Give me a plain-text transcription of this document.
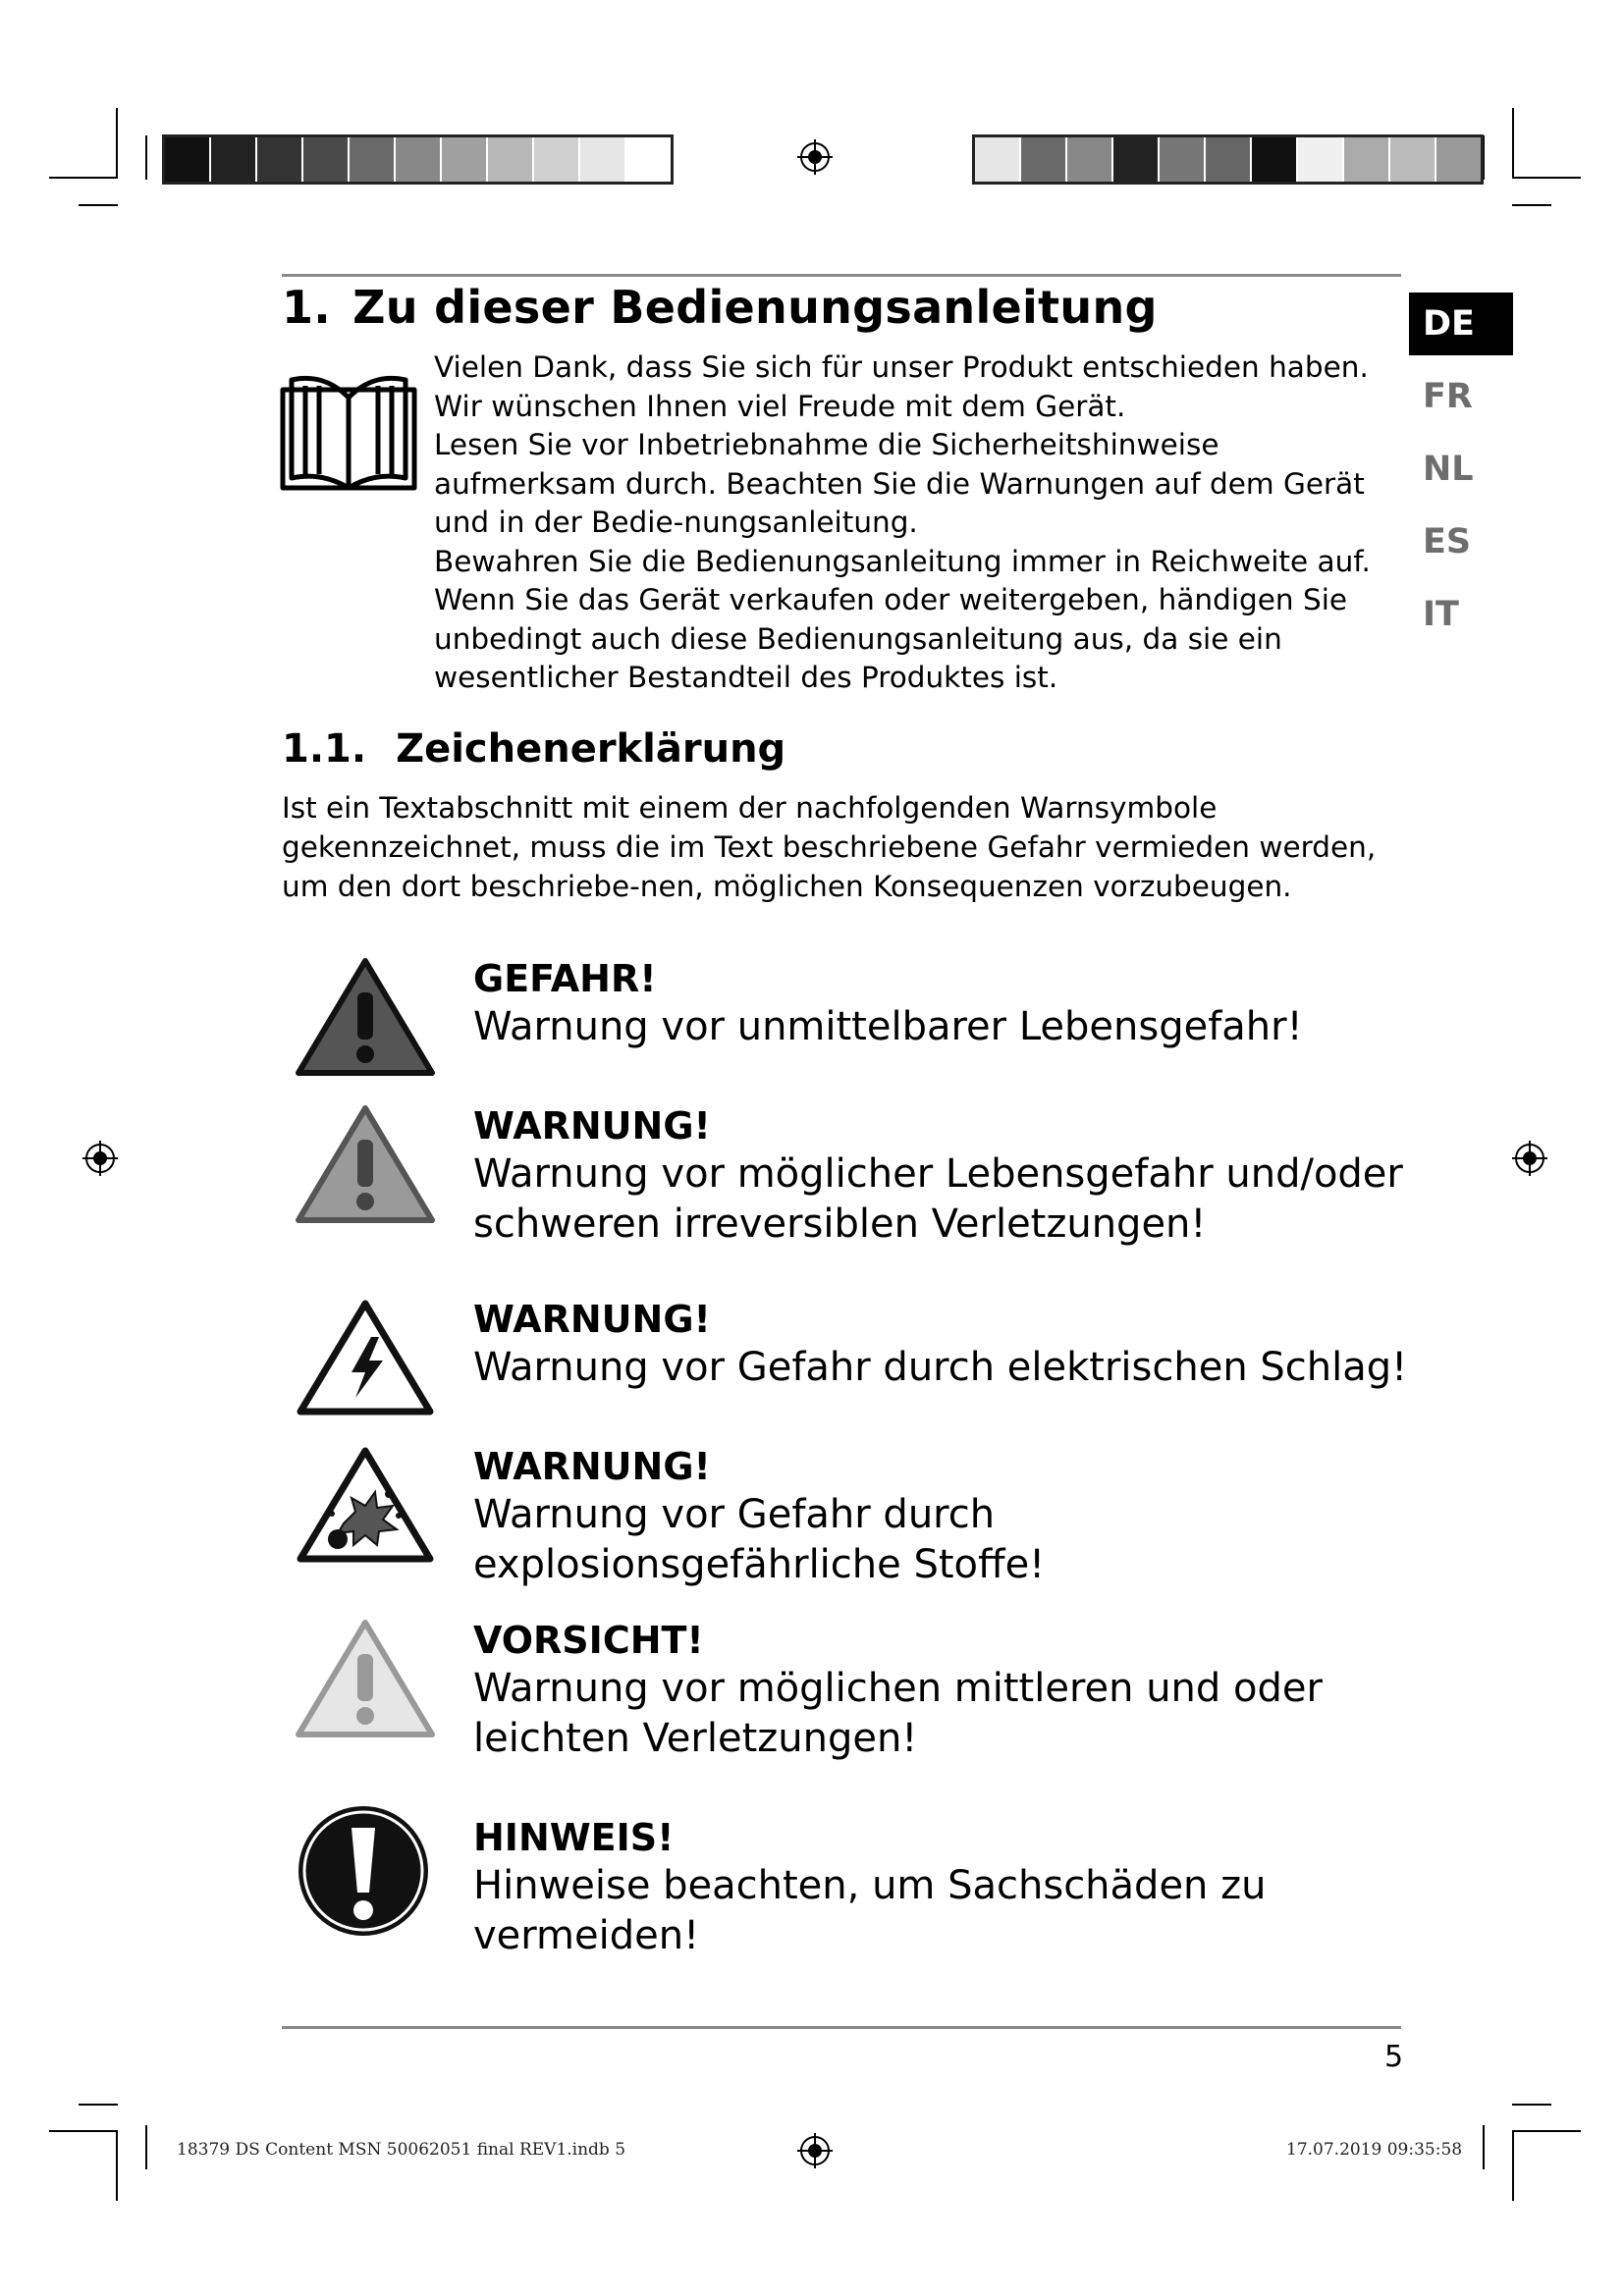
1. Zu dieser Bedienungsanleitung

Vielen Dank, dass Sie sich für unser Produkt entschieden haben. Wir wünschen Ihnen viel Freude mit dem Gerät.

Lesen Sie vor Inbetriebnahme die Sicherheitshinweise aufmerksam durch. Beachten Sie die Warnungen auf dem Gerät und in der Bedie-nungsanleitung.

Bewahren Sie die Bedienungsanleitung immer in Reichweite auf. Wenn Sie das Gerät verkaufen oder weitergeben, händigen Sie unbedingt auch diese Bedienungsanleitung aus, da sie ein wesentlicher Bestandteil des Produktes ist.

DE
FR
NL
ES
IT
1.1. Zeichenerklärung

Ist ein Textabschnitt mit einem der nachfolgenden Warnsymbole gekennzeichnet, muss die im Text beschriebene Gefahr vermieden werden, um den dort beschriebe-nen, möglichen Konsequenzen vorzubeugen.

GEFAHR!
Warnung vor unmittelbarer Lebensgefahr!
WARNUNG!
Warnung vor möglicher Lebensgefahr und/oder schweren irreversiblen Verletzungen!
WARNUNG!
Warnung vor Gefahr durch elektrischen Schlag!
WARNUNG!
Warnung vor Gefahr durch explosionsgefährliche Stoffe!
VORSICHT!
Warnung vor möglichen mittleren und oder leichten Verletzungen!
HINWEIS!
Hinweise beachten, um Sachschäden zu vermeiden!
5
18379 DS Content MSN 50062051 final REV1.indb 5	17.07.2019 09:35:58
